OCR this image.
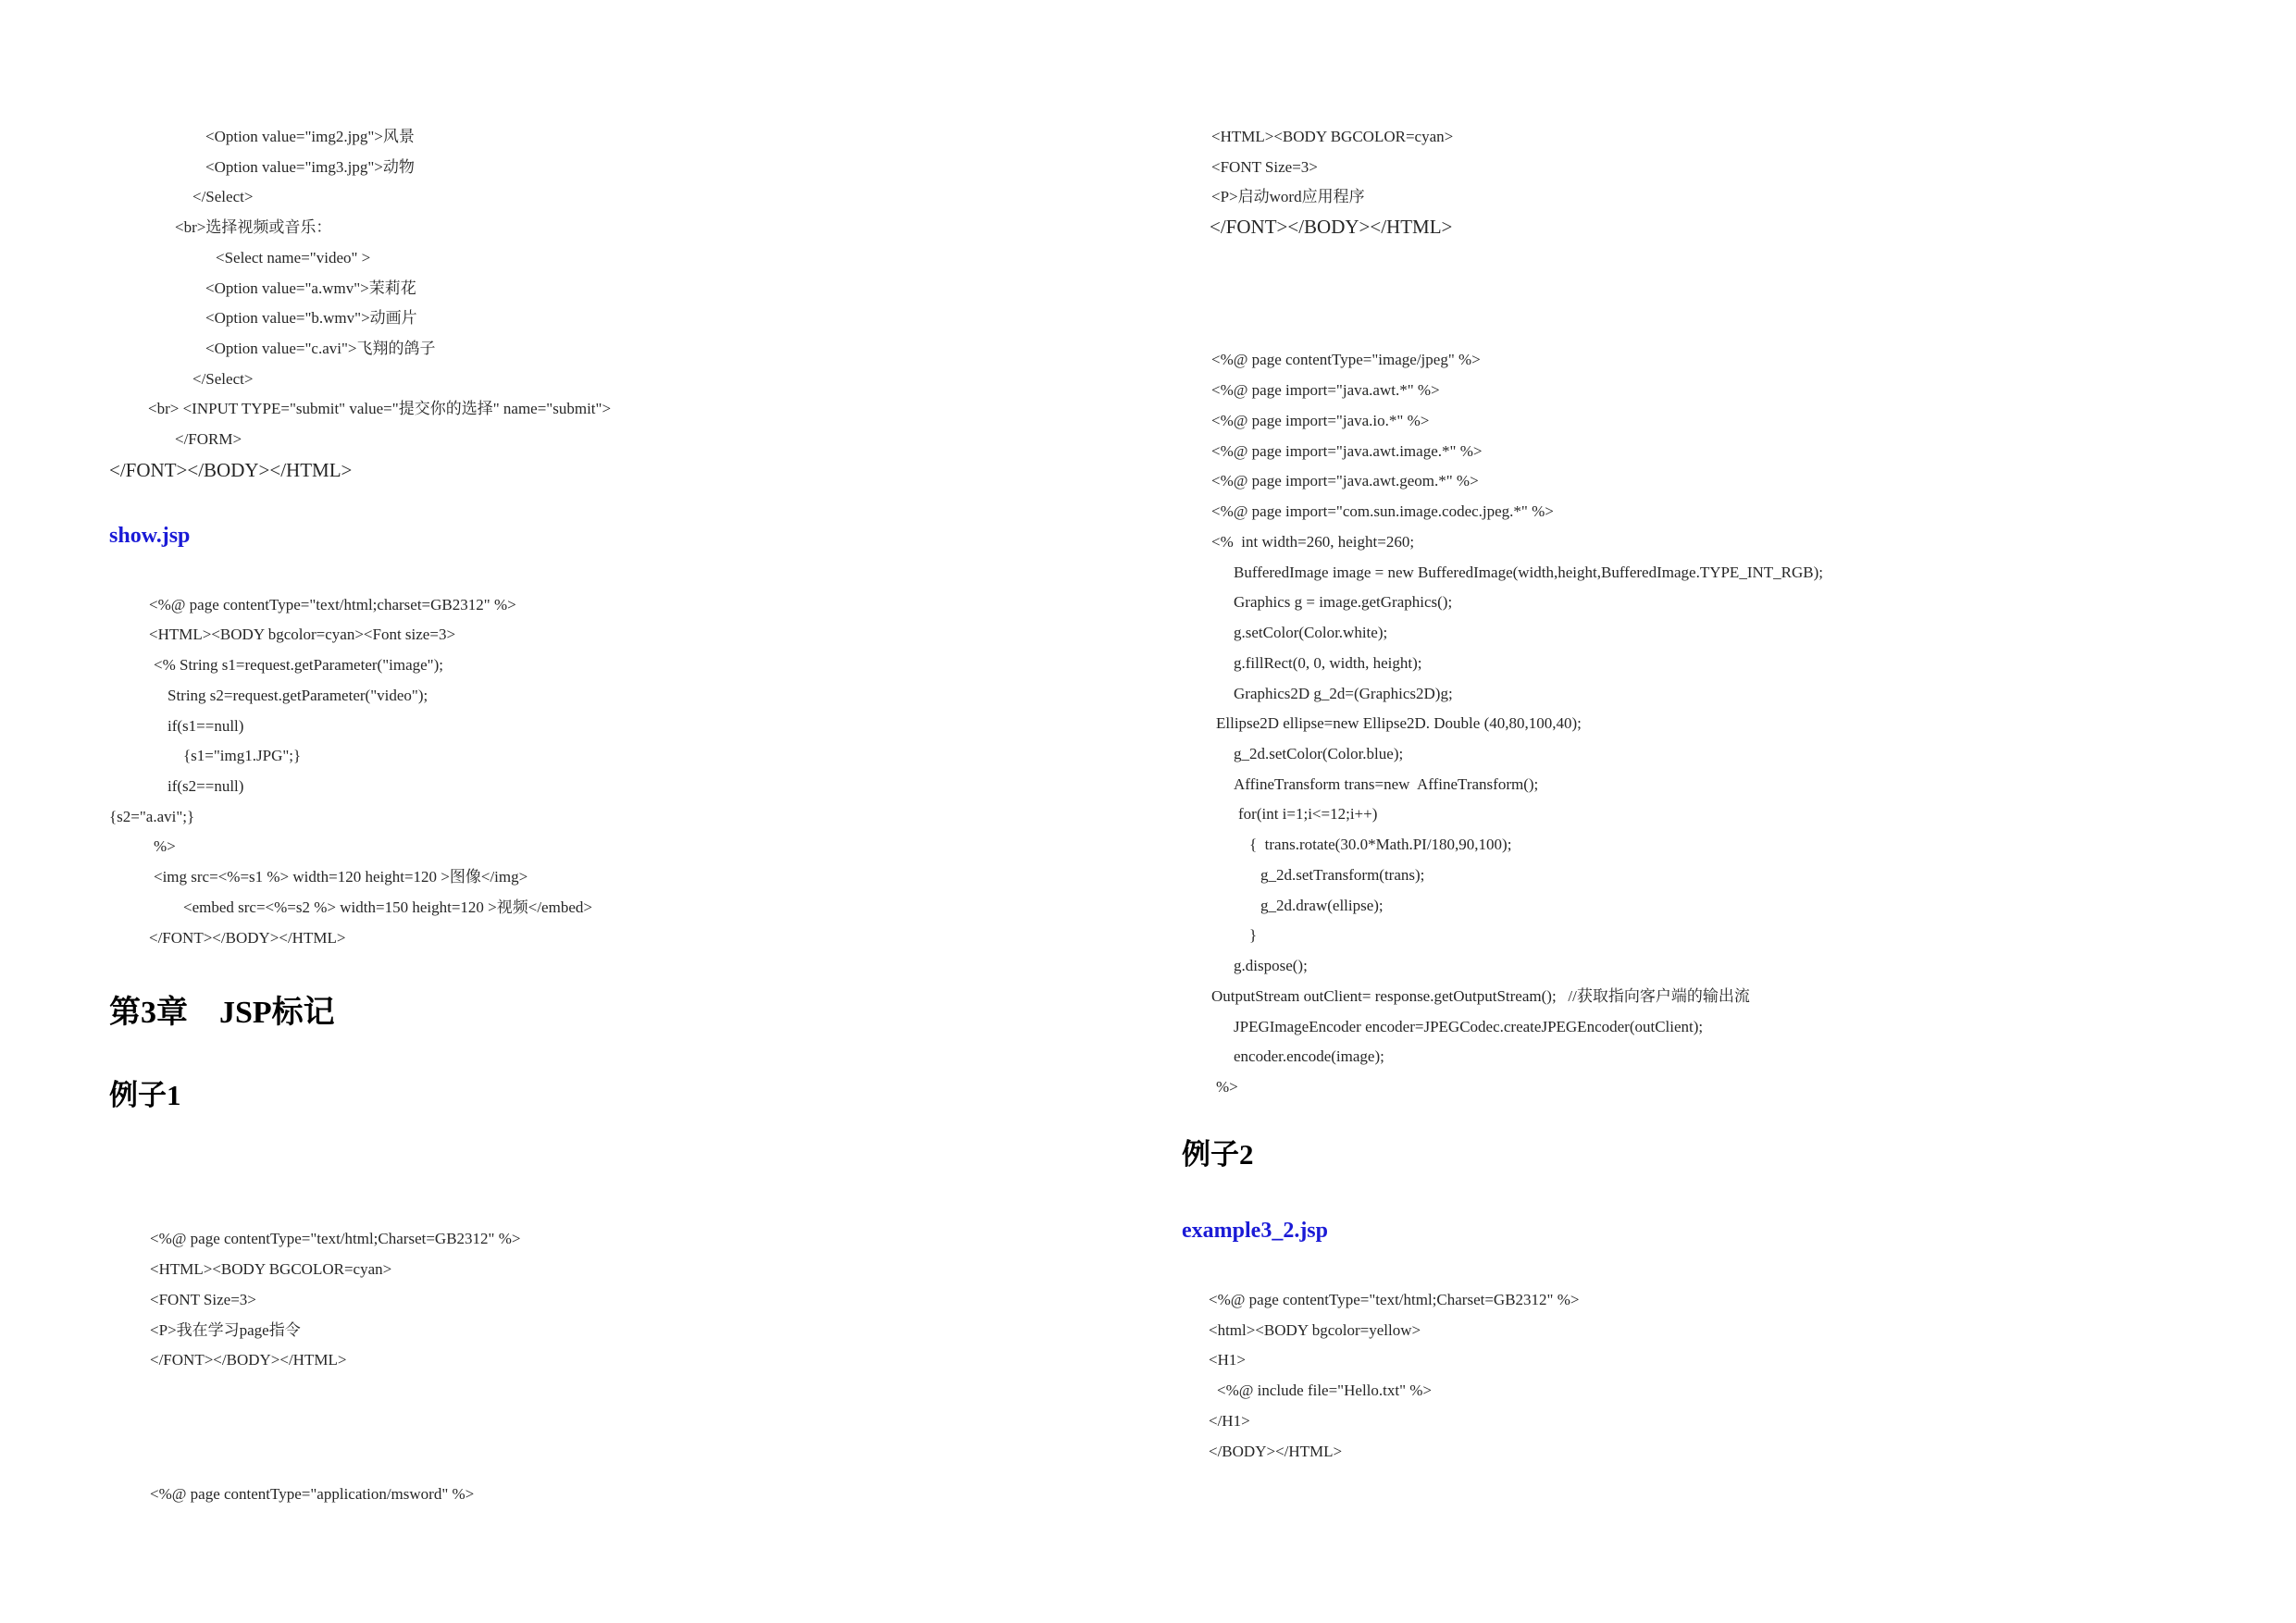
<Option value="img2.jpg">风景
<Option value="img3.jpg">动物
</Select>
<br>选择视频或音乐：
<Select name="video" >
<Option value="a.wmv">茉莉花
<Option value="b.wmv">动画片
<Option value="c.avi">飞翔的鸽子
</Select>
<br> <INPUT TYPE="submit" value="提交你的选择" name="submit">
</FORM>
</FONT></BODY></HTML>
show.jsp
<%@ page contentType="text/html;charset=GB2312" %>
<HTML><BODY bgcolor=cyan><Font size=3>
<% String s1=request.getParameter("image");
String s2=request.getParameter("video");
if(s1==null)
{s1="img1.JPG";}
if(s2==null)
{s2="a.avi";}
%>
<img src=<%=s1 %> width=120 height=120 >图像</img>
<embed src=<%=s2 %> width=150 height=120 >视频</embed>
</FONT></BODY></HTML>
第3章    JSP标记
例子1
<%@ page contentType="text/html;Charset=GB2312" %>
<HTML><BODY BGCOLOR=cyan>
<FONT Size=3>
<P>我在学习page指令
</FONT></BODY></HTML>
<%@ page contentType="application/msword" %>
<HTML><BODY BGCOLOR=cyan>
<FONT Size=3>
<P>启动word应用程序
</FONT></BODY></HTML>
<%@ page contentType="image/jpeg" %>
<%@ page import="java.awt.*" %>
<%@ page import="java.io.*" %>
<%@ page import="java.awt.image.*" %>
<%@ page import="java.awt.geom.*" %>
<%@ page import="com.sun.image.codec.jpeg.*" %>
<%  int width=260, height=260;
BufferedImage image = new BufferedImage(width,height,BufferedImage.TYPE_INT_RGB);
Graphics g = image.getGraphics();
g.setColor(Color.white);
g.fillRect(0, 0, width, height);
Graphics2D g_2d=(Graphics2D)g;
Ellipse2D ellipse=new Ellipse2D. Double (40,80,100,40);
g_2d.setColor(Color.blue);
AffineTransform trans=new  AffineTransform();
for(int i=1;i<=12;i++)
{  trans.rotate(30.0*Math.PI/180,90,100);
g_2d.setTransform(trans);
g_2d.draw(ellipse);
}
g.dispose();
OutputStream outClient= response.getOutputStream();   //获取指向客户端的输出流
JPEGImageEncoder encoder=JPEGCodec.createJPEGEncoder(outClient);
encoder.encode(image);
%>
例子2
example3_2.jsp
<%@ page contentType="text/html;Charset=GB2312" %>
<html><BODY bgcolor=yellow>
<H1>
<%@ include file="Hello.txt" %>
</H1>
</BODY></HTML>
